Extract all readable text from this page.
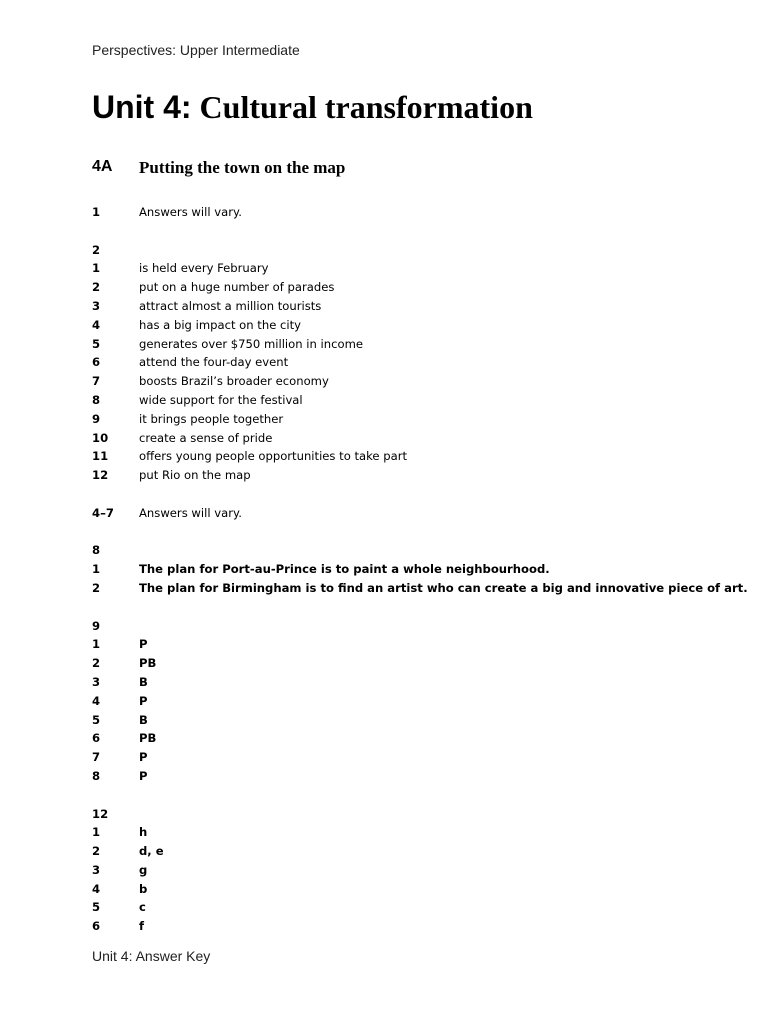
Perspectives: Upper Intermediate
Unit 4: Cultural transformation
4A Putting the town on the map
1	Answers will vary.
2
1	is held every February
2	put on a huge number of parades
3	attract almost a million tourists
4	has a big impact on the city
5	generates over $750 million in income
6	attend the four-day event
7	boosts Brazil’s broader economy
8	wide support for the festival
9	it brings people together
10	create a sense of pride
11	offers young people opportunities to take part
12	put Rio on the map
4–7 Answers will vary.
8
1	The plan for Port-au-Prince is to paint a whole neighbourhood.
2	The plan for Birmingham is to find an artist who can create a big and innovative piece of art.
9
1	P
2	PB
3	B
4	P
5	B
6	PB
7	P
8	P
12
1	h
2	d, e
3	g
4	b
5	c
6	f
Unit 4: Answer Key
